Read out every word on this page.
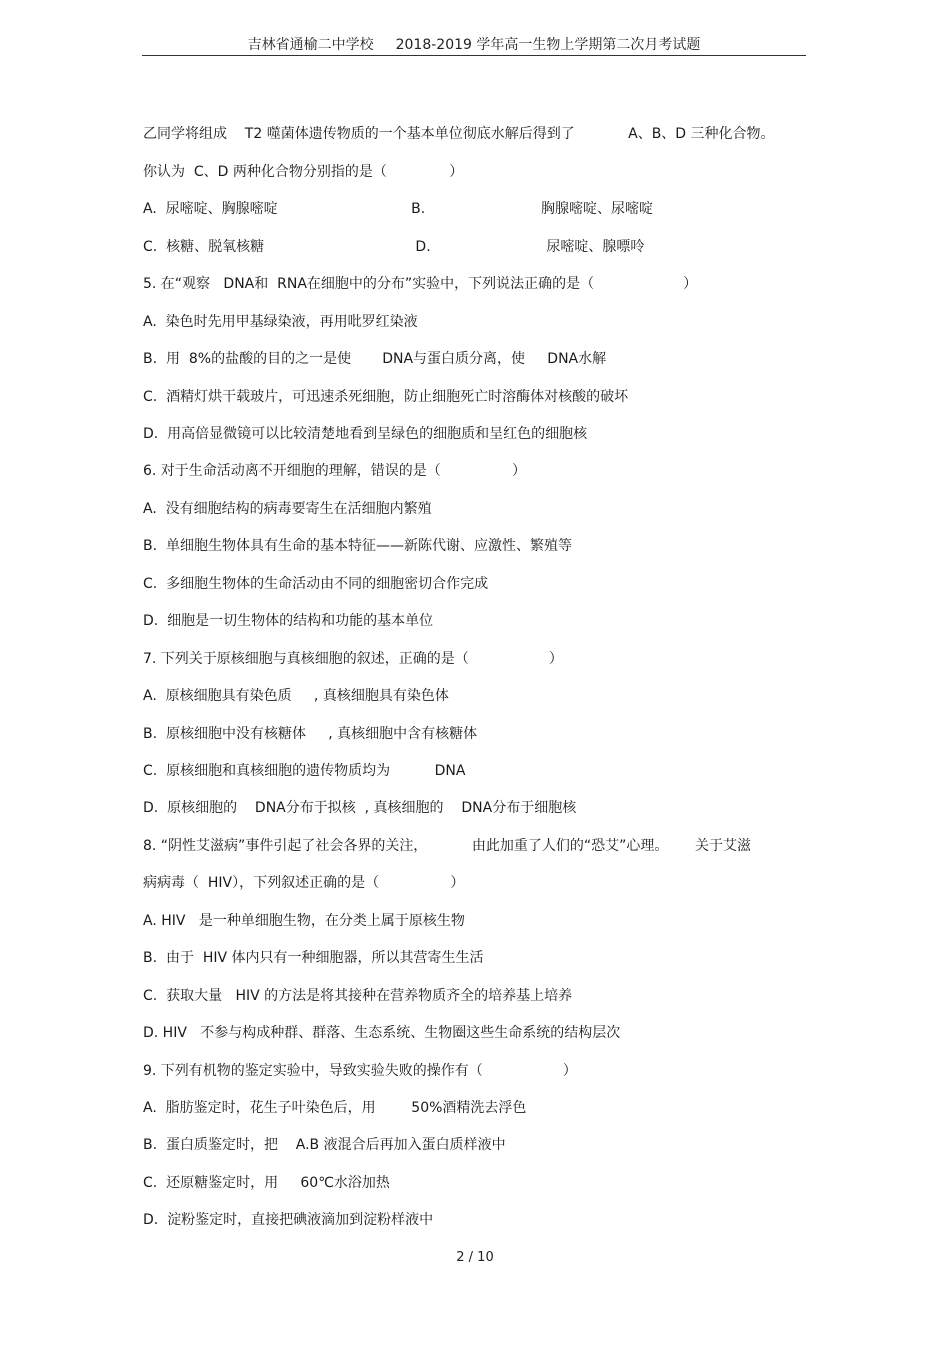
吉林省通榆二中学校 2018-2019 学年高一生物上学期第二次月考试题
乙同学将组成    T2 噬菌体遗传物质的一个基本单位彻底水解后得到了            A、B、D 三种化合物。
你认为  C、D 两种化合物分别指的是（              ）
A.  尿嘧啶、胸腺嘧啶                              B.                          胸腺嘧啶、尿嘧啶
C.  核糖、脱氧核糖                                  D.                          尿嘧啶、腺嘌呤
5. 在“观察   DNA和  RNA在细胞中的分布”实验中，下列说法正确的是（                    ）
A.  染色时先用甲基绿染液，再用吡罗红染液
B.  用  8%的盐酸的目的之一是使       DNA与蛋白质分离，使     DNA水解
C.  酒精灯烘干载玻片，可迅速杀死细胞，防止细胞死亡时溶酶体对核酸的破坏
D.  用高倍显微镜可以比较清楚地看到呈绿色的细胞质和呈红色的细胞核
6. 对于生命活动离不开细胞的理解，错误的是（                ）
A.  没有细胞结构的病毒要寄生在活细胞内繁殖
B.  单细胞生物体具有生命的基本特征——新陈代谢、应激性、繁殖等
C.  多细胞生物体的生命活动由不同的细胞密切合作完成
D.  细胞是一切生物体的结构和功能的基本单位
7. 下列关于原核细胞与真核细胞的叙述，正确的是（                  ）
A.  原核细胞具有染色质     , 真核细胞具有染色体
B.  原核细胞中没有核糖体     , 真核细胞中含有核糖体
C.  原核细胞和真核细胞的遗传物质均为          DNA
D.  原核细胞的    DNA分布于拟核  , 真核细胞的    DNA分布于细胞核
8. “阴性艾滋病”事件引起了社会各界的关注，          由此加重了人们的“恐艾”心理。      关于艾滋
病病毒（  HIV），下列叙述正确的是（                ）
A. HIV   是一种单细胞生物，在分类上属于原核生物
B.  由于  HIV 体内只有一种细胞器，所以其营寄生生活
C.  获取大量   HIV 的方法是将其接种在营养物质齐全的培养基上培养
D. HIV   不参与构成种群、群落、生态系统、生物圈这些生命系统的结构层次
9. 下列有机物的鉴定实验中，导致实验失败的操作有（                  ）
A.  脂肪鉴定时，花生子叶染色后，用        50%酒精洗去浮色
B.  蛋白质鉴定时，把    A.B 液混合后再加入蛋白质样液中
C.  还原糖鉴定时，用     60℃水浴加热
D.  淀粉鉴定时，直接把碘液滴加到淀粉样液中
2 / 10
